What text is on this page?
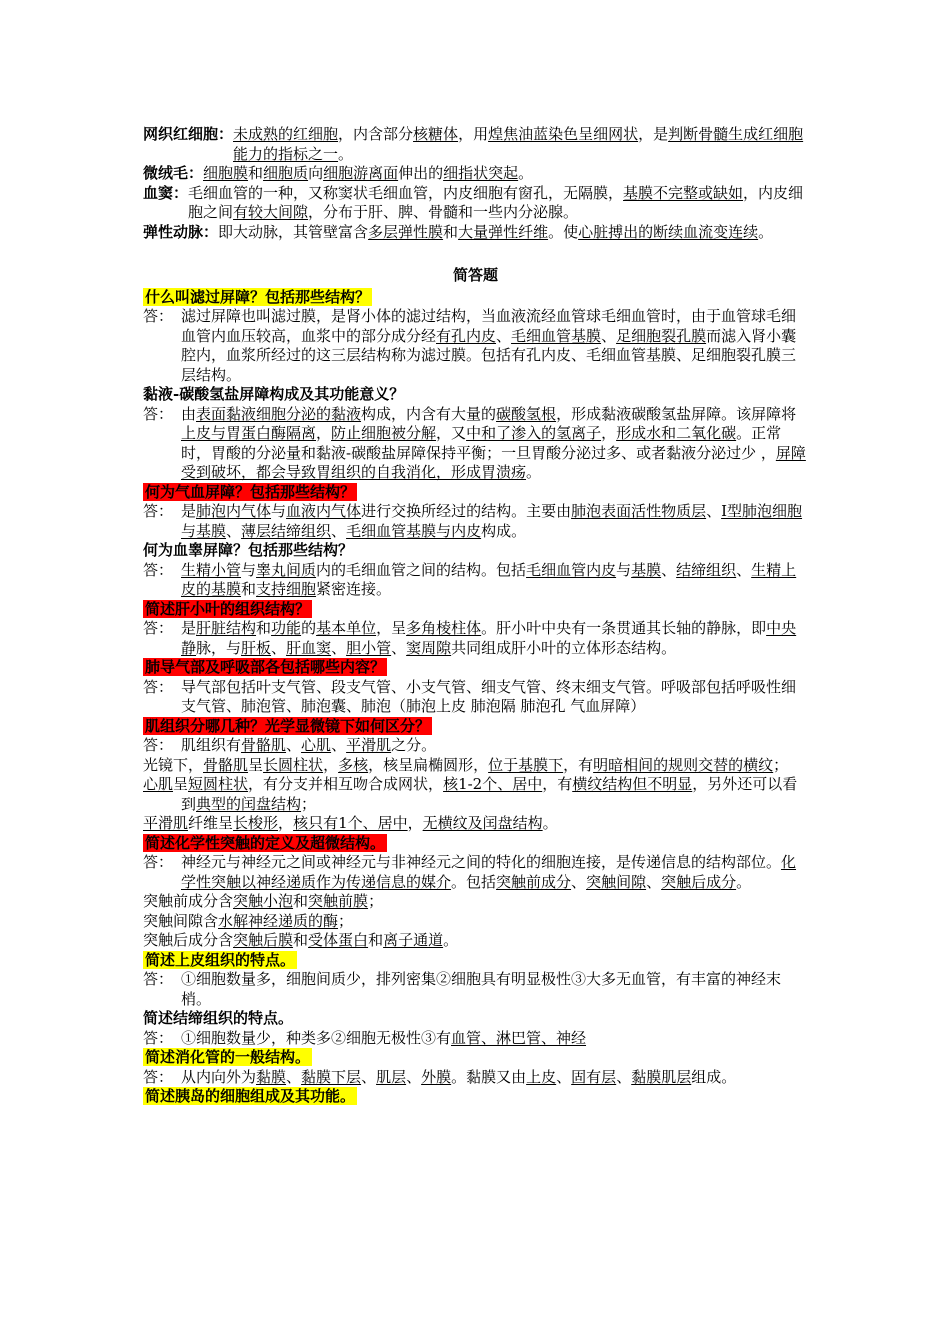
网织红细胞： 未成熟的红细胞，内含部分核糖体，用煌焦油蓝染色呈细网状，是判断骨髓生成红细胞能力的指标之一。
微绒毛： 细胞膜和细胞质向细胞游离面伸出的细指状突起。
血窦： 毛细血管的一种，又称窦状毛细血管，内皮细胞有窗孔，无隔膜，基膜不完整或缺如，内皮细胞之间有较大间隙，分布于肝、脾、骨髓和一些内分泌腺。
弹性动脉： 即大动脉，其管壁富含多层弹性膜和大量弹性纤维。使心脏搏出的断续血流变连续。
简答题
什么叫滤过屏障？包括那些结构？
答： 滤过屏障也叫滤过膜，是肾小体的滤过结构，当血液流经血管球毛细血管时，由于血管球毛细血管内血压较高，血浆中的部分成分经有孔内皮、毛细血管基膜、足细胞裂孔膜而滤入肾小囊腔内，血浆所经过的这三层结构称为滤过膜。包括有孔内皮、毛细血管基膜、足细胞裂孔膜三层结构。
黏液-碳酸氢盐屏障构成及其功能意义？
答： 由表面黏液细胞分泌的黏液构成，内含有大量的碳酸氢根，形成黏液碳酸氢盐屏障。该屏障将上皮与胃蛋白酶隔离，防止细胞被分解，又中和了渗入的氢离子，形成水和二氧化碳。正常时，胃酸的分泌量和黏液-碳酸盐屏障保持平衡；一旦胃酸分泌过多、或者黏液分泌过少 ，屏障受到破坏，都会导致胃组织的自我消化，形成胃溃疡。
何为气血屏障？包括那些结构？
答： 是肺泡内气体与血液内气体进行交换所经过的结构。主要由肺泡表面活性物质层、I型肺泡细胞与基膜、薄层结缔组织、毛细血管基膜与内皮构成。
何为血睾屏障？包括那些结构？
答： 生精小管与睾丸间质内的毛细血管之间的结构。包括毛细血管内皮与基膜、结缔组织、生精上皮的基膜和支持细胞紧密连接。
简述肝小叶的组织结构？
答： 是肝脏结构和功能的基本单位，呈多角棱柱体。肝小叶中央有一条贯通其长轴的静脉，即中央静脉，与肝板、肝血窦、胆小管、窦周隙共同组成肝小叶的立体形态结构。
肺导气部及呼吸部各包括哪些内容？
答： 导气部包括叶支气管、段支气管、小支气管、细支气管、终末细支气管。呼吸部包括呼吸性细支气管、肺泡管、肺泡囊、肺泡（肺泡上皮 肺泡隔 肺泡孔 气血屏障）
肌组织分哪几种？光学显微镜下如何区分？
答： 肌组织有骨骼肌、心肌、平滑肌之分。
光镜下，骨骼肌呈长圆柱状，多核，核呈扁椭圆形，位于基膜下，有明暗相间的规则交替的横纹；
心肌呈短圆柱状，有分支并相互吻合成网状，核1-2个、居中，有横纹结构但不明显，另外还可以看到典型的闰盘结构；
平滑肌纤维呈长梭形，核只有1个、居中，无横纹及闰盘结构。
简述化学性突触的定义及超微结构。
答： 神经元与神经元之间或神经元与非神经元之间的特化的细胞连接，是传递信息的结构部位。化学性突触以神经递质作为传递信息的媒介。包括突触前成分、突触间隙、突触后成分。
突触前成分含突触小泡和突触前膜；
突触间隙含水解神经递质的酶；
突触后成分含突触后膜和受体蛋白和离子通道。
简述上皮组织的特点。
答： ①细胞数量多，细胞间质少，排列密集②细胞具有明显极性③大多无血管，有丰富的神经末梢。
简述结缔组织的特点。
答： ①细胞数量少，种类多②细胞无极性③有血管、淋巴管、神经
简述消化管的一般结构。
答： 从内向外为黏膜、黏膜下层、肌层、外膜。黏膜又由上皮、固有层、黏膜肌层组成。
简述胰岛的细胞组成及其功能。
